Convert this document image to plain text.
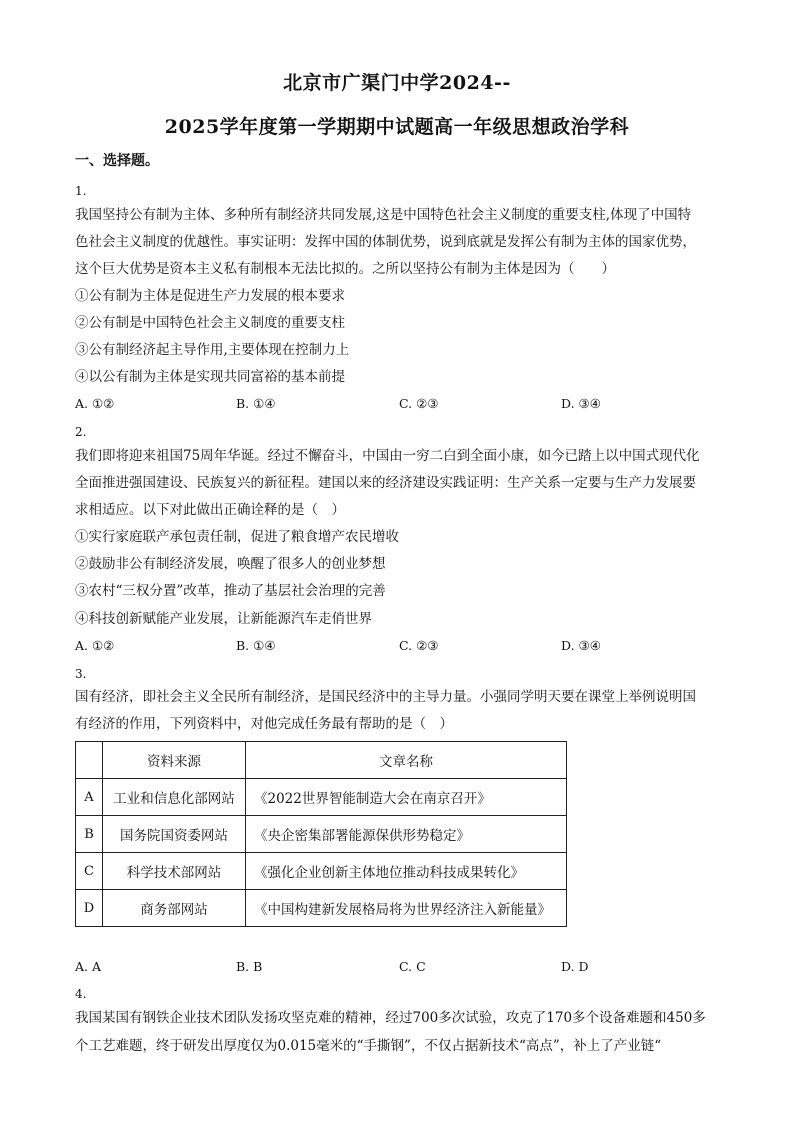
北京市广渠门中学2024--
2025学年度第一学期期中试题高一年级思想政治学科
一、选择题。
1.
我国坚持公有制为主体、多种所有制经济共同发展,这是中国特色社会主义制度的重要支柱,体现了中国特
色社会主义制度的优越性。事实证明：发挥中国的体制优势，说到底就是发挥公有制为主体的国家优势，
这个巨大优势是资本主义私有制根本无法比拟的。之所以坚持公有制为主体是因为（　　）
①公有制为主体是促进生产力发展的根本要求
②公有制是中国特色社会主义制度的重要支柱
③公有制经济起主导作用,主要体现在控制力上
④以公有制为主体是实现共同富裕的基本前提
A. ①②	B. ①④	C. ②③	D. ③④
2.
我们即将迎来祖国75周年华诞。经过不懈奋斗，中国由一穷二白到全面小康，如今已踏上以中国式现代化
全面推进强国建设、民族复兴的新征程。建国以来的经济建设实践证明：生产关系一定要与生产力发展要
求相适应。以下对此做出正确诠释的是（　）
①实行家庭联产承包责任制，促进了粮食增产农民增收
②鼓励非公有制经济发展，唤醒了很多人的创业梦想
③农村“三权分置”改革，推动了基层社会治理的完善
④科技创新赋能产业发展，让新能源汽车走俏世界
A. ①②	B. ①④	C. ②③	D. ③④
3.
国有经济，即社会主义全民所有制经济，是国民经济中的主导力量。小强同学明天要在课堂上举例说明国
有经济的作用，下列资料中，对他完成任务最有帮助的是（　）
	资料来源	文章名称
A	工业和信息化部网站	《2022世界智能制造大会在南京召开》
B	国务院国资委网站	《央企密集部署能源保供形势稳定》
C	科学技术部网站	《强化企业创新主体地位推动科技成果转化》
D	商务部网站	《中国构建新发展格局将为世界经济注入新能量》
A. A	B. B	C. C	D. D
4.
我国某国有钢铁企业技术团队发扬攻坚克难的精神，经过700多次试验，攻克了170多个设备难题和450多
个工艺难题，终于研发出厚度仅为0.015毫米的“手撕钢”，不仅占据新技术“高点”，补上了产业链“
